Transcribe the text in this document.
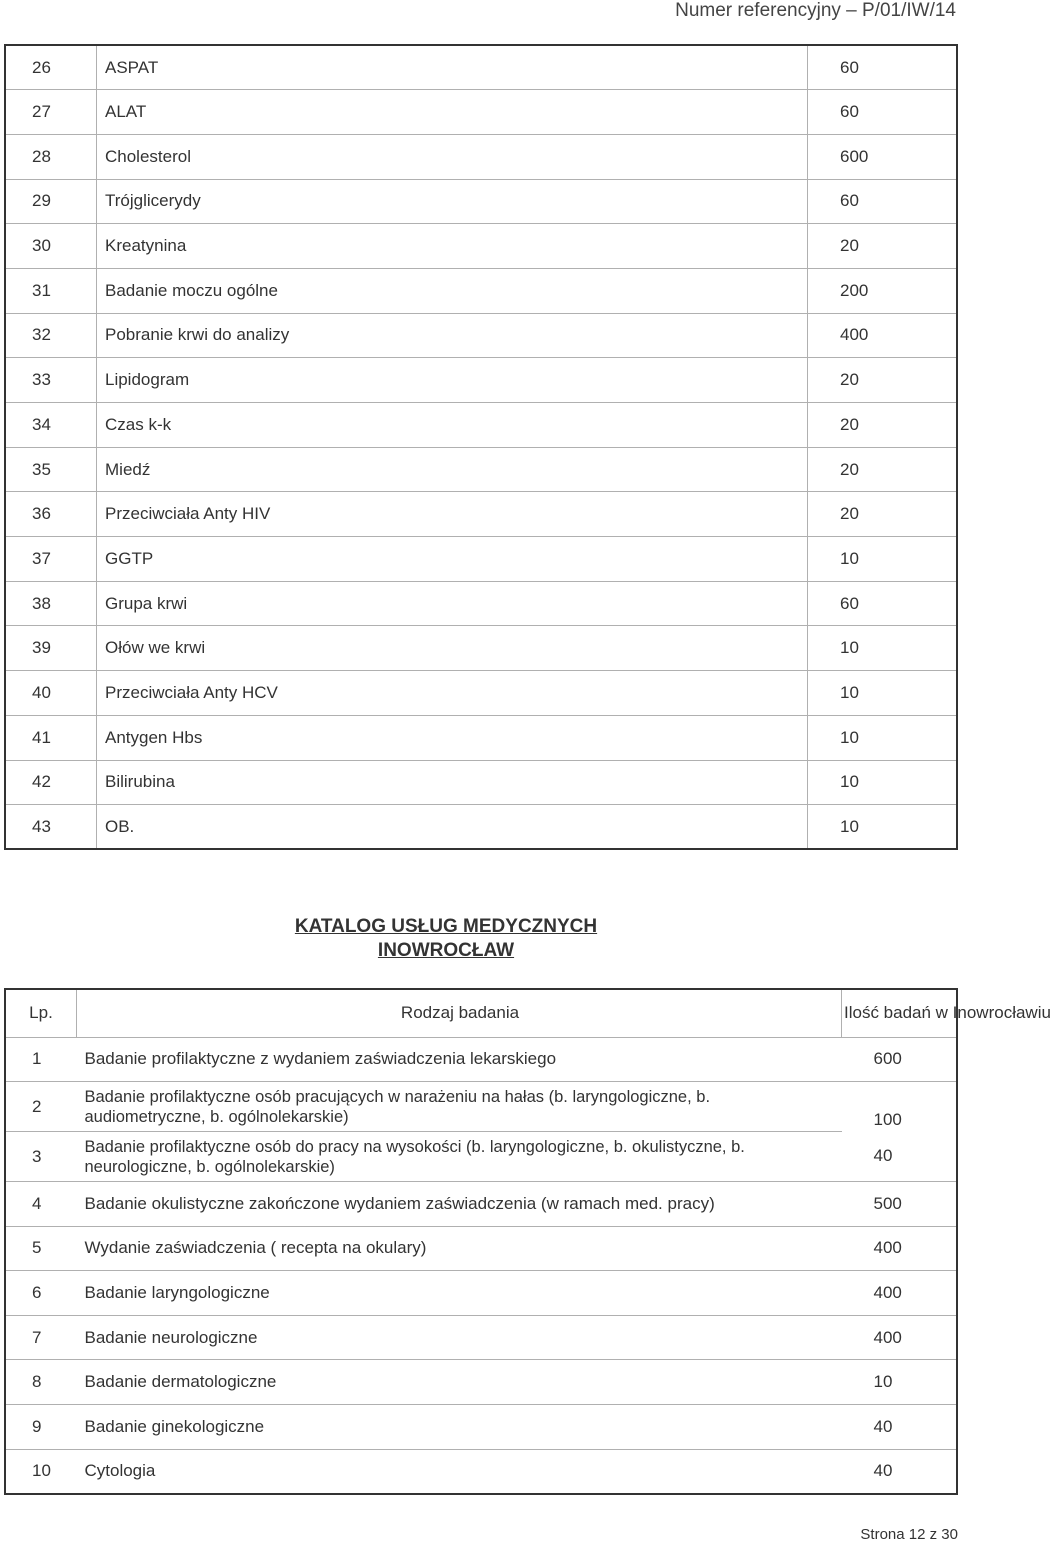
Numer referencyjny – P/01/IW/14
26	ASPAT	60
27	ALAT	60
28	Cholesterol	600
29	Trójglicerydy	60
30	Kreatynina	20
31	Badanie moczu ogólne	200
32	Pobranie krwi do analizy	400
33	Lipidogram	20
34	Czas k-k	20
35	Miedź	20
36	Przeciwciała Anty HIV	20
37	GGTP	10
38	Grupa krwi	60
39	Ołów we krwi	10
40	Przeciwciała Anty HCV	10
41	Antygen Hbs	10
42	Bilirubina	10
43	OB.	10
KATALOG USŁUG MEDYCZNYCH
INOWROCŁAW
Lp.	Rodzaj badania	Ilość badań w Inowrocławiu
1	Badanie profilaktyczne z wydaniem zaświadczenia lekarskiego	600
2	Badanie profilaktyczne osób pracujących w narażeniu na hałas (b. laryngologiczne, b. audiometryczne, b. ogólnolekarskie)	100
3	Badanie profilaktyczne osób do pracy na wysokości (b. laryngologiczne, b. okulistyczne, b. neurologiczne, b. ogólnolekarskie)	40
4	Badanie okulistyczne zakończone wydaniem zaświadczenia (w ramach med. pracy)	500
5	Wydanie zaświadczenia ( recepta na okulary)	400
6	Badanie laryngologiczne	400
7	Badanie neurologiczne	400
8	Badanie dermatologiczne	10
9	Badanie ginekologiczne	40
10	Cytologia	40
Strona 12 z 30
